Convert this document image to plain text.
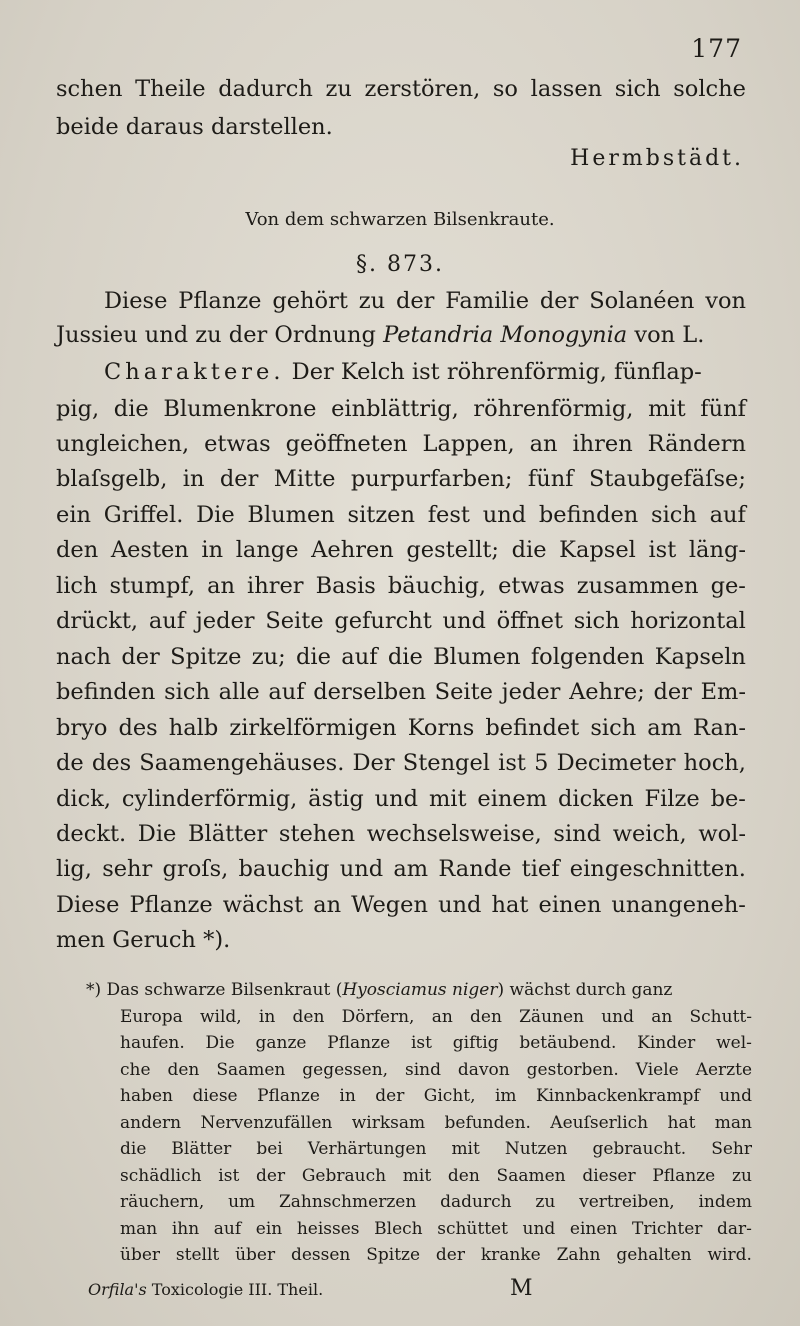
177
schen Theile dadurch zu zerstören, so lassen sich solche
beide daraus darstellen.
Hermbstädt.
Von dem schwarzen Bilsenkraute.
§. 873.
Diese Pflanze gehört zu der Familie der Solanéen von
Jussieu und zu der Ordnung Petandria Monogynia von L.
Charaktere. Der Kelch ist röhrenförmig, fünflap-
pig, die Blumenkrone einblättrig, röhrenförmig, mit fünf
ungleichen, etwas geöffneten Lappen, an ihren Rändern
blaſsgelb, in der Mitte purpurfarben; fünf Staubgefäſse;
ein Griffel. Die Blumen sitzen fest und befinden sich auf
den Aesten in lange Aehren gestellt; die Kapsel ist läng-
lich stumpf, an ihrer Basis bäuchig, etwas zusammen ge-
drückt, auf jeder Seite gefurcht und öffnet sich horizontal
nach der Spitze zu; die auf die Blumen folgenden Kapseln
befinden sich alle auf derselben Seite jeder Aehre; der Em-
bryo des halb zirkelförmigen Korns befindet sich am Ran-
de des Saamengehäuses. Der Stengel ist 5 Decimeter hoch,
dick, cylinderförmig, ästig und mit einem dicken Filze be-
deckt. Die Blätter stehen wechselsweise, sind weich, wol-
lig, sehr groſs, bauchig und am Rande tief eingeschnitten.
Diese Pflanze wächst an Wegen und hat einen unangeneh-
men Geruch *).
*) Das schwarze Bilsenkraut ( Hyosciamus niger ) wächst durch ganz
Europa wild, in den Dörfern, an den Zäunen und an Schutt-
haufen. Die ganze Pflanze ist giftig betäubend. Kinder wel-
che den Saamen gegessen, sind davon gestorben. Viele Aerzte
haben diese Pflanze in der Gicht, im Kinnbackenkrampf und
andern Nervenzufällen wirksam befunden. Aeuſserlich hat man
die Blätter bei Verhärtungen mit Nutzen gebraucht. Sehr
schädlich ist der Gebrauch mit den Saamen dieser Pflanze zu
räuchern, um Zahnschmerzen dadurch zu vertreiben, indem
man ihn auf ein heisses Blech schüttet und einen Trichter dar-
über stellt über dessen Spitze der kranke Zahn gehalten wird.
Orfila's Toxicologie III. Theil.	M
